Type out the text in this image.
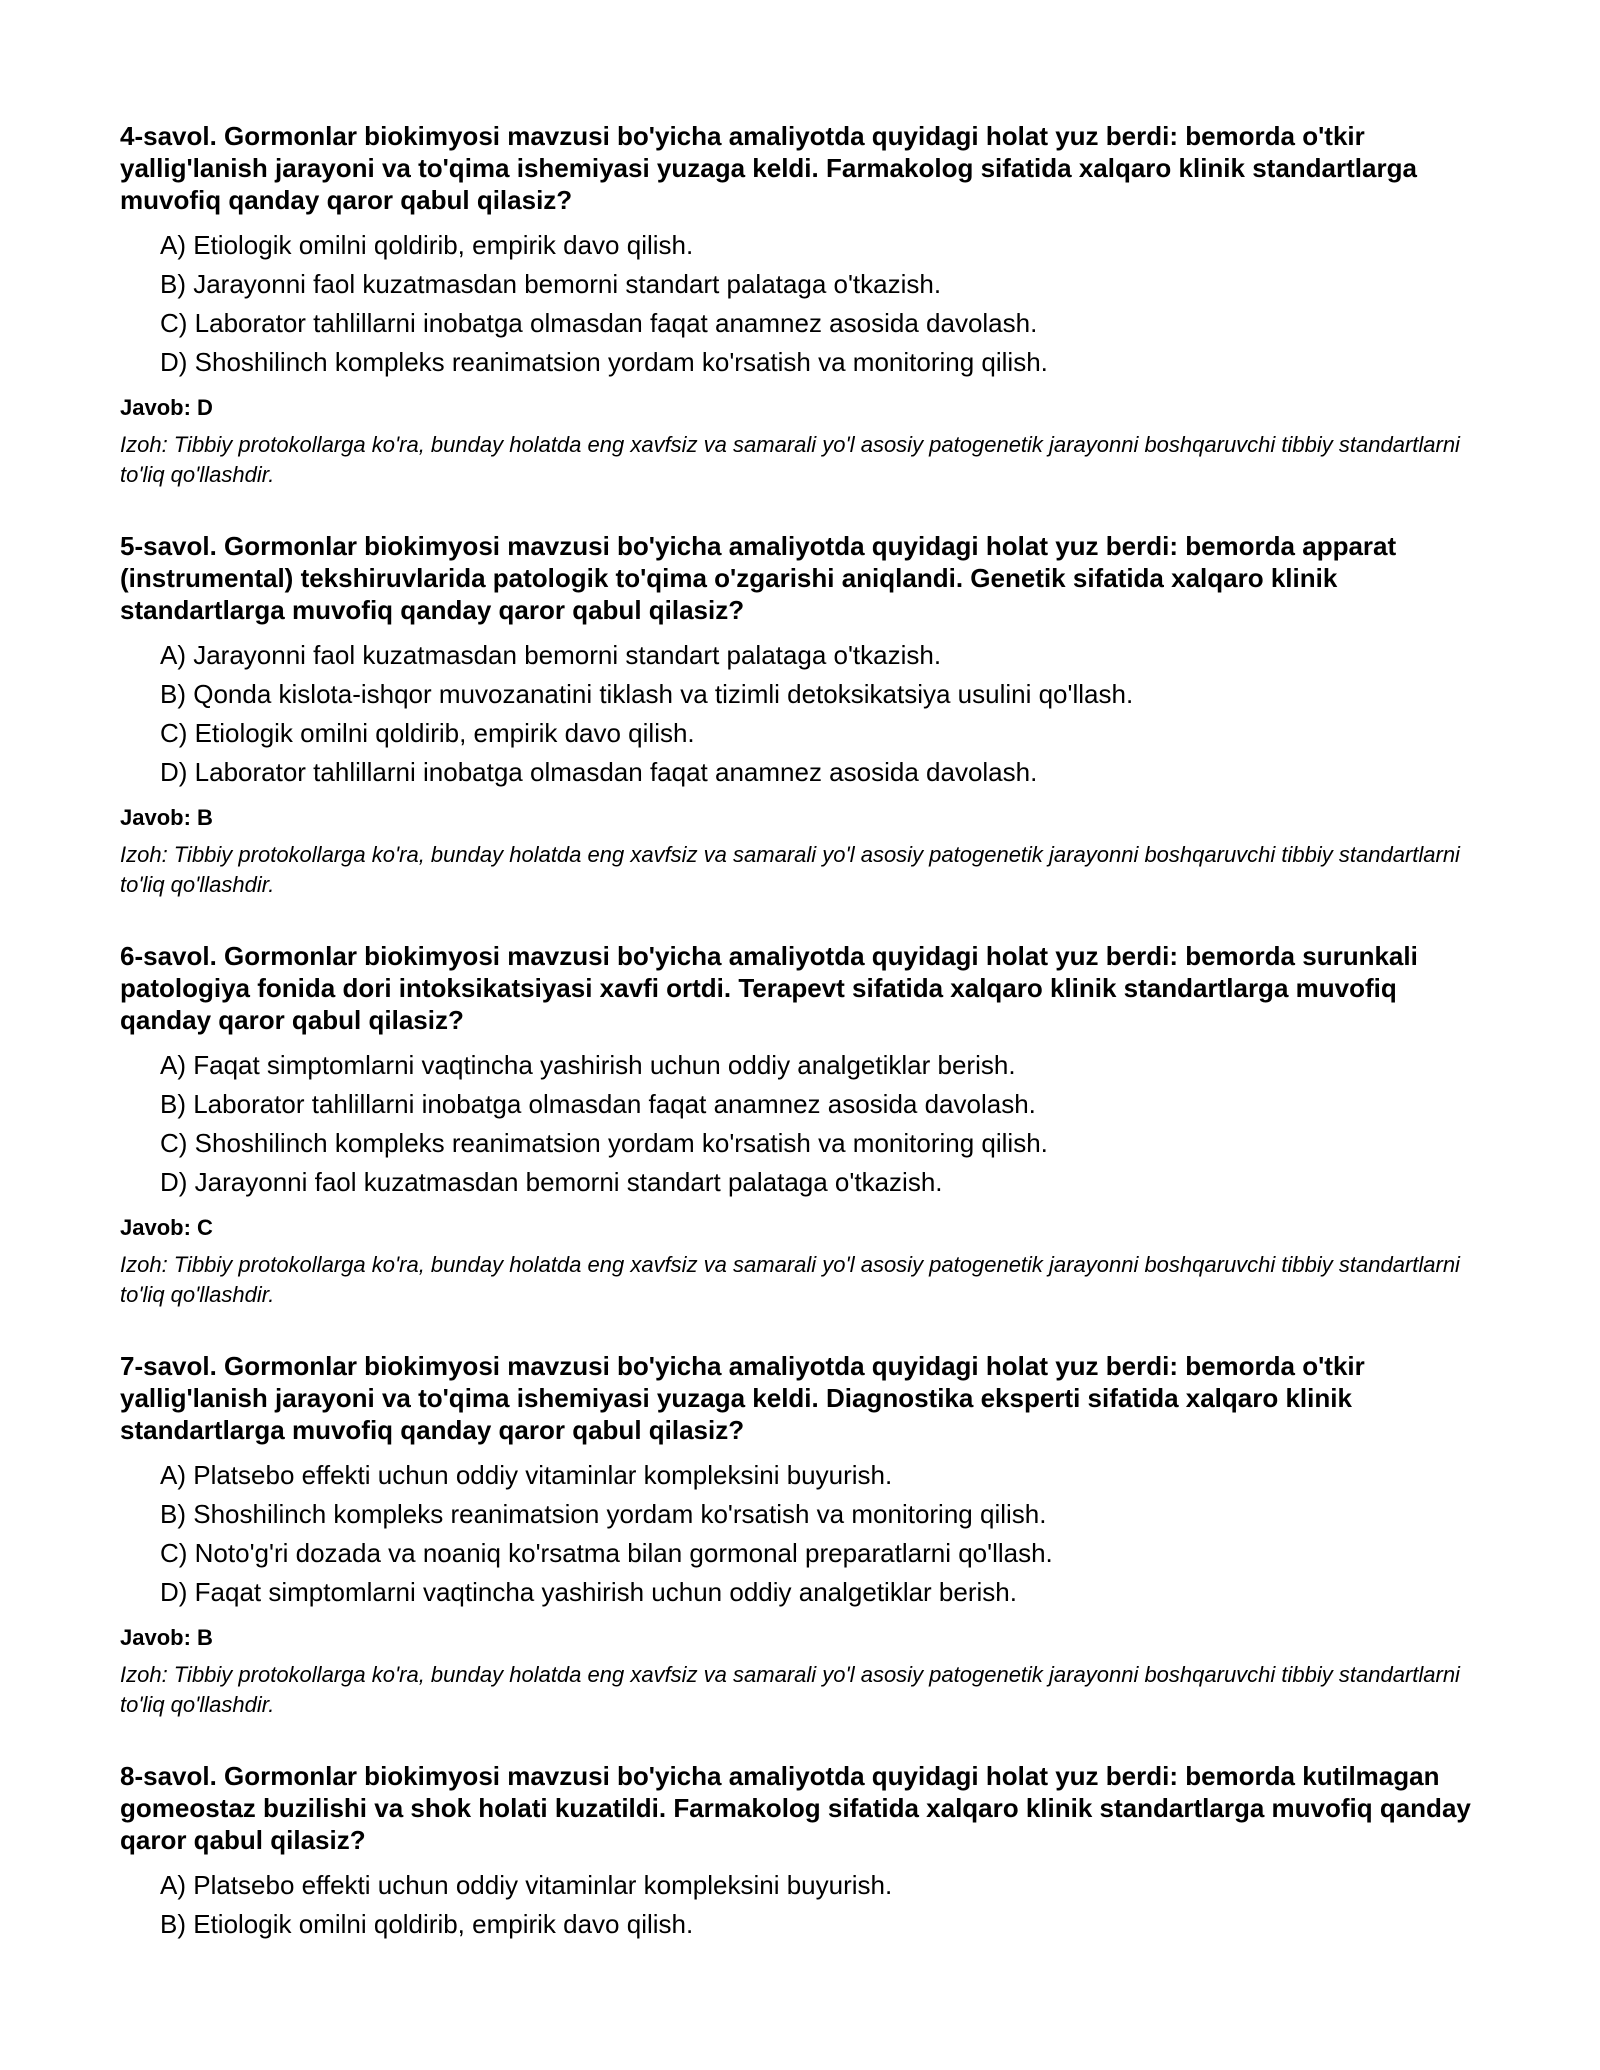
4-savol. Gormonlar biokimyosi mavzusi bo'yicha amaliyotda quyidagi holat yuz berdi: bemorda o'tkir yallig'lanish jarayoni va to'qima ishemiyasi yuzaga keldi. Farmakolog sifatida xalqaro klinik standartlarga muvofiq qanday qaror qabul qilasiz?

A) Etiologik omilni qoldirib, empirik davo qilish.
B) Jarayonni faol kuzatmasdan bemorni standart palataga o'tkazish.
C) Laborator tahlillarni inobatga olmasdan faqat anamnez asosida davolash.
D) Shoshilinch kompleks reanimatsion yordam ko'rsatish va monitoring qilish.

Javob: D

Izoh: Tibbiy protokollarga ko'ra, bunday holatda eng xavfsiz va samarali yo'l asosiy patogenetik jarayonni boshqaruvchi tibbiy standartlarni to'liq qo'llashdir.

5-savol. Gormonlar biokimyosi mavzusi bo'yicha amaliyotda quyidagi holat yuz berdi: bemorda apparat (instrumental) tekshiruvlarida patologik to'qima o'zgarishi aniqlandi. Genetik sifatida xalqaro klinik standartlarga muvofiq qanday qaror qabul qilasiz?

A) Jarayonni faol kuzatmasdan bemorni standart palataga o'tkazish.
B) Qonda kislota-ishqor muvozanatini tiklash va tizimli detoksikatsiya usulini qo'llash.
C) Etiologik omilni qoldirib, empirik davo qilish.
D) Laborator tahlillarni inobatga olmasdan faqat anamnez asosida davolash.

Javob: B

Izoh: Tibbiy protokollarga ko'ra, bunday holatda eng xavfsiz va samarali yo'l asosiy patogenetik jarayonni boshqaruvchi tibbiy standartlarni to'liq qo'llashdir.

6-savol. Gormonlar biokimyosi mavzusi bo'yicha amaliyotda quyidagi holat yuz berdi: bemorda surunkali patologiya fonida dori intoksikatsiyasi xavfi ortdi. Terapevt sifatida xalqaro klinik standartlarga muvofiq qanday qaror qabul qilasiz?

A) Faqat simptomlarni vaqtincha yashirish uchun oddiy analgetiklar berish.
B) Laborator tahlillarni inobatga olmasdan faqat anamnez asosida davolash.
C) Shoshilinch kompleks reanimatsion yordam ko'rsatish va monitoring qilish.
D) Jarayonni faol kuzatmasdan bemorni standart palataga o'tkazish.

Javob: C

Izoh: Tibbiy protokollarga ko'ra, bunday holatda eng xavfsiz va samarali yo'l asosiy patogenetik jarayonni boshqaruvchi tibbiy standartlarni to'liq qo'llashdir.

7-savol. Gormonlar biokimyosi mavzusi bo'yicha amaliyotda quyidagi holat yuz berdi: bemorda o'tkir yallig'lanish jarayoni va to'qima ishemiyasi yuzaga keldi. Diagnostika eksperti sifatida xalqaro klinik standartlarga muvofiq qanday qaror qabul qilasiz?

A) Platsebo effekti uchun oddiy vitaminlar kompleksini buyurish.
B) Shoshilinch kompleks reanimatsion yordam ko'rsatish va monitoring qilish.
C) Noto'g'ri dozada va noaniq ko'rsatma bilan gormonal preparatlarni qo'llash.
D) Faqat simptomlarni vaqtincha yashirish uchun oddiy analgetiklar berish.

Javob: B

Izoh: Tibbiy protokollarga ko'ra, bunday holatda eng xavfsiz va samarali yo'l asosiy patogenetik jarayonni boshqaruvchi tibbiy standartlarni to'liq qo'llashdir.

8-savol. Gormonlar biokimyosi mavzusi bo'yicha amaliyotda quyidagi holat yuz berdi: bemorda kutilmagan gomeostaz buzilishi va shok holati kuzatildi. Farmakolog sifatida xalqaro klinik standartlarga muvofiq qanday qaror qabul qilasiz?

A) Platsebo effekti uchun oddiy vitaminlar kompleksini buyurish.
B) Etiologik omilni qoldirib, empirik davo qilish.
